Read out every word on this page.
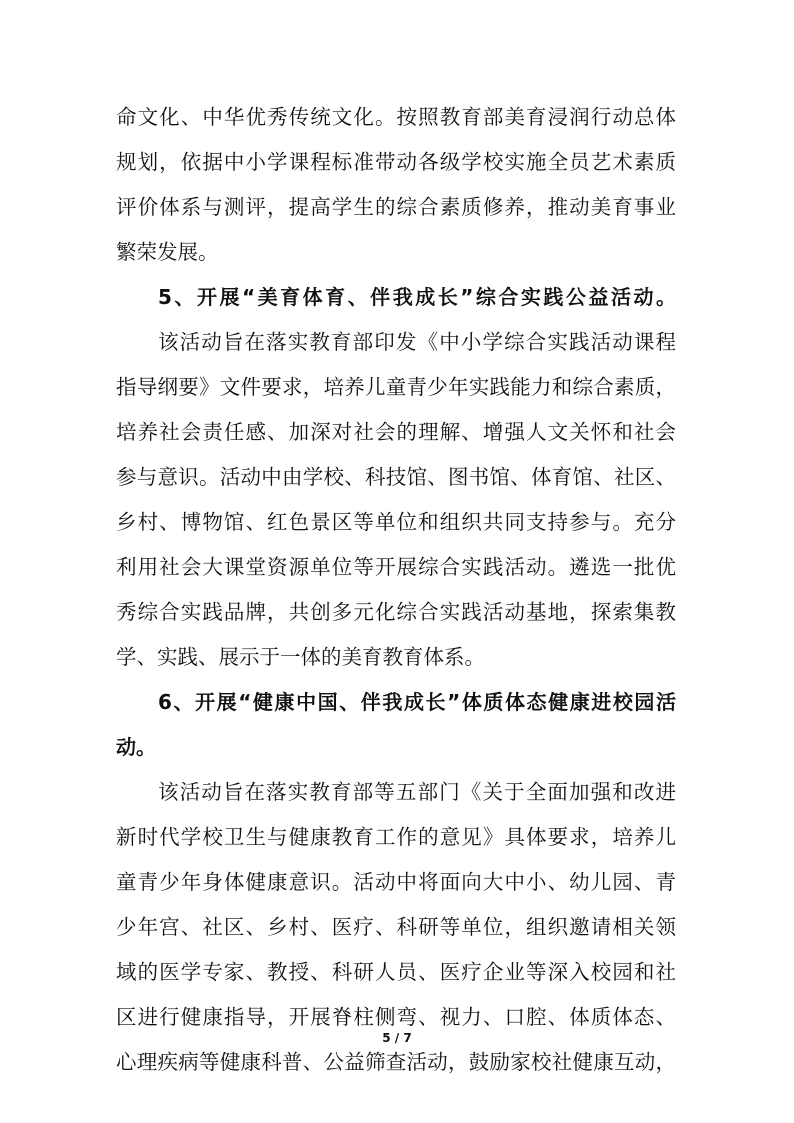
命文化、中华优秀传统文化。按照教育部美育浸润行动总体
规划，依据中小学课程标准带动各级学校实施全员艺术素质
评价体系与测评，提高学生的综合素质修养，推动美育事业
繁荣发展。
5、开展“美育体育、伴我成长”综合实践公益活动。
该活动旨在落实教育部印发《中小学综合实践活动课程
指导纲要》文件要求，培养儿童青少年实践能力和综合素质，
培养社会责任感、加深对社会的理解、增强人文关怀和社会
参与意识。活动中由学校、科技馆、图书馆、体育馆、社区、
乡村、博物馆、红色景区等单位和组织共同支持参与。充分
利用社会大课堂资源单位等开展综合实践活动。遴选一批优
秀综合实践品牌，共创多元化综合实践活动基地，探索集教
学、实践、展示于一体的美育教育体系。
6、开展“健康中国、伴我成长”体质体态健康进校园活
动。
该活动旨在落实教育部等五部门《关于全面加强和改进
新时代学校卫生与健康教育工作的意见》具体要求，培养儿
童青少年身体健康意识。活动中将面向大中小、幼儿园、青
少年宫、社区、乡村、医疗、科研等单位，组织邀请相关领
域的医学专家、教授、科研人员、医疗企业等深入校园和社
区进行健康指导，开展脊柱侧弯、视力、口腔、体质体态、
心理疾病等健康科普、公益筛查活动，鼓励家校社健康互动，
5 / 7
